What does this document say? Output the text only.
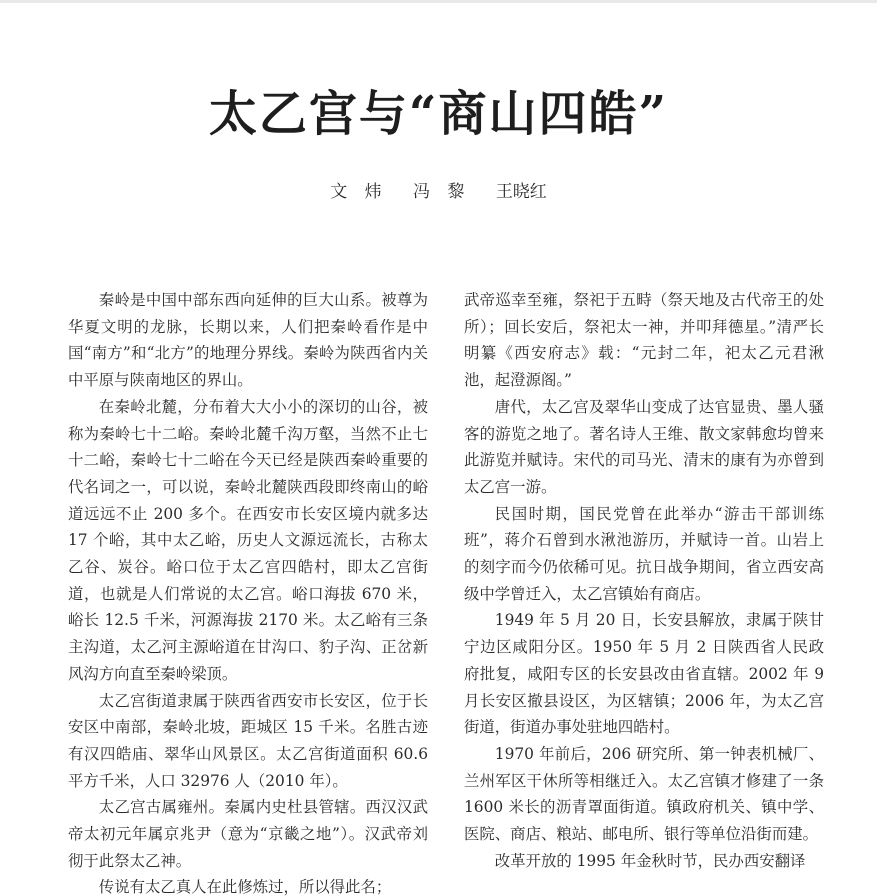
太乙宫与“商山四皓”
文 炜 冯 黎 王晓红

秦岭是中国中部东西向延伸的巨大山系。被尊为华夏文明的龙脉，长期以来，人们把秦岭看作是中国“南方”和“北方”的地理分界线。秦岭为陕西省内关中平原与陕南地区的界山。

在秦岭北麓，分布着大大小小的深切的山谷，被称为秦岭七十二峪。秦岭北麓千沟万壑，当然不止七十二峪，秦岭七十二峪在今天已经是陕西秦岭重要的代名词之一，可以说，秦岭北麓陕西段即终南山的峪道远远不止 200 多个。在西安市长安区境内就多达 17 个峪，其中太乙峪，历史人文源远流长，古称太乙谷、炭谷。峪口位于太乙宫四皓村，即太乙宫街道，也就是人们常说的太乙宫。峪口海拔 670 米，峪长 12.5 千米，河源海拔 2170 米。太乙峪有三条主沟道，太乙河主源峪道在甘沟口、豹子沟、正岔新风沟方向直至秦岭梁顶。

太乙宫街道隶属于陕西省西安市长安区，位于长安区中南部，秦岭北坡，距城区 15 千米。名胜古迹有汉四皓庙、翠华山风景区。太乙宫街道面积 60.6 平方千米，人口 32976 人（2010 年）。

太乙宫古属雍州。秦属内史杜县管辖。西汉汉武帝太初元年属京兆尹（意为“京畿之地”）。汉武帝刘彻于此祭太乙神。

传说有太乙真人在此修炼过，所以得此名；

武帝巡幸至雍，祭祀于五畤（祭天地及古代帝王的处所）；回长安后，祭祀太一神，并叩拜德星。”清严长明纂《西安府志》载：“元封二年，祀太乙元君湫池，起澄源阁。”

唐代，太乙宫及翠华山变成了达官显贵、墨人骚客的游览之地了。著名诗人王维、散文家韩愈均曾来此游览并赋诗。宋代的司马光、清末的康有为亦曾到太乙宫一游。

民国时期，国民党曾在此举办“游击干部训练班”，蒋介石曾到水湫池游历，并赋诗一首。山岩上的刻字而今仍依稀可见。抗日战争期间，省立西安高级中学曾迁入，太乙宫镇始有商店。

1949 年 5 月 20 日，长安县解放，隶属于陕甘宁边区咸阳分区。1950 年 5 月 2 日陕西省人民政府批复，咸阳专区的长安县改由省直辖。2002 年 9 月长安区撤县设区，为区辖镇；2006 年，为太乙宫街道，街道办事处驻地四皓村。

1970 年前后，206 研究所、第一钟表机械厂、兰州军区干休所等相继迁入。太乙宫镇才修建了一条 1600 米长的沥青罩面街道。镇政府机关、镇中学、医院、商店、粮站、邮电所、银行等单位沿街而建。

改革开放的 1995 年金秋时节，民办西安翻译
